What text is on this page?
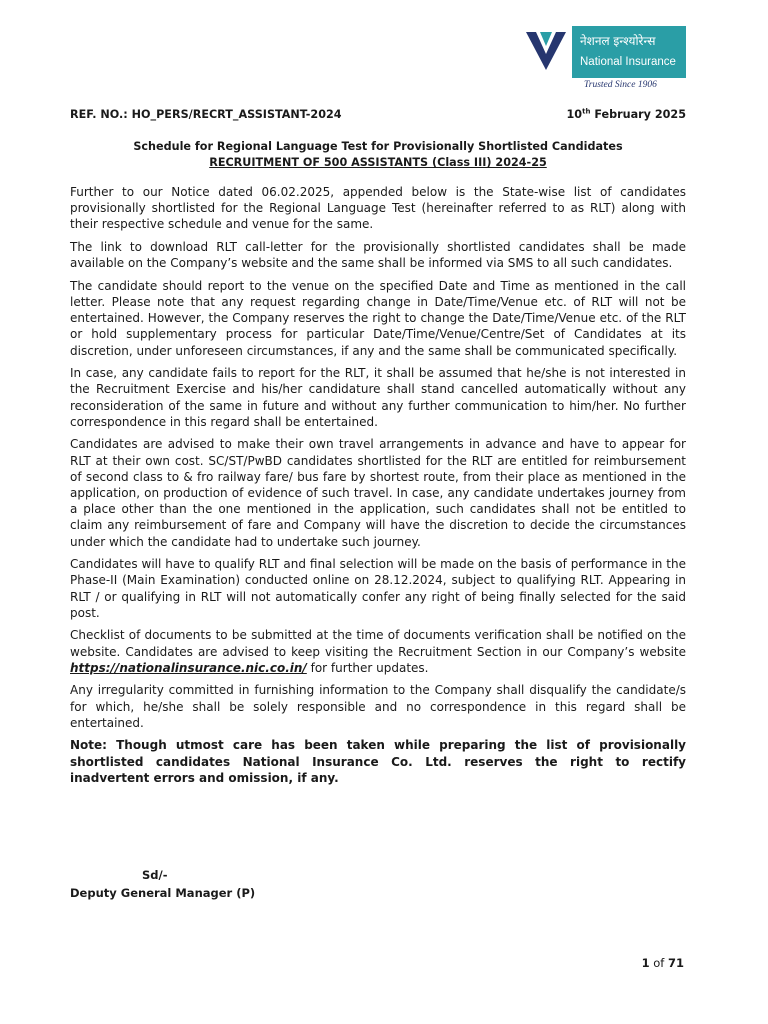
नेशनल इन्श्योरेन्स
National Insurance
Trusted Since 1906
REF. NO.: HO_PERS/RECRT_ASSISTANT-2024	10th February 2025
Schedule for Regional Language Test for Provisionally Shortlisted Candidates
RECRUITMENT OF 500 ASSISTANTS (Class III) 2024-25

Further to our Notice dated 06.02.2025, appended below is the State-wise list of candidates provisionally shortlisted for the Regional Language Test (hereinafter referred to as RLT) along with their respective schedule and venue for the same.

The link to download RLT call-letter for the provisionally shortlisted candidates shall be made available on the Company’s website and the same shall be informed via SMS to all such candidates.

The candidate should report to the venue on the specified Date and Time as mentioned in the call letter. Please note that any request regarding change in Date/Time/Venue etc. of RLT will not be entertained. However, the Company reserves the right to change the Date/Time/Venue etc. of the RLT or hold supplementary process for particular Date/Time/Venue/Centre/Set of Candidates at its discretion, under unforeseen circumstances, if any and the same shall be communicated specifically.

In case, any candidate fails to report for the RLT, it shall be assumed that he/she is not interested in the Recruitment Exercise and his/her candidature shall stand cancelled automatically without any reconsideration of the same in future and without any further communication to him/her. No further correspondence in this regard shall be entertained.

Candidates are advised to make their own travel arrangements in advance and have to appear for RLT at their own cost. SC/ST/PwBD candidates shortlisted for the RLT are entitled for reimbursement of second class to & fro railway fare/ bus fare by shortest route, from their place as mentioned in the application, on production of evidence of such travel. In case, any candidate undertakes journey from a place other than the one mentioned in the application, such candidates shall not be entitled to claim any reimbursement of fare and Company will have the discretion to decide the circumstances under which the candidate had to undertake such journey.

Candidates will have to qualify RLT and final selection will be made on the basis of performance in the Phase-II (Main Examination) conducted online on 28.12.2024, subject to qualifying RLT. Appearing in RLT / or qualifying in RLT will not automatically confer any right of being finally selected for the said post.

Checklist of documents to be submitted at the time of documents verification shall be notified on the website. Candidates are advised to keep visiting the Recruitment Section in our Company’s website https://nationalinsurance.nic.co.in/ for further updates.

Any irregularity committed in furnishing information to the Company shall disqualify the candidate/s for which, he/she shall be solely responsible and no correspondence in this regard shall be entertained.

Note: Though utmost care has been taken while preparing the list of provisionally shortlisted candidates National Insurance Co. Ltd. reserves the right to rectify inadvertent errors and omission, if any.

Sd/-
Deputy General Manager (P)
1 of 71
